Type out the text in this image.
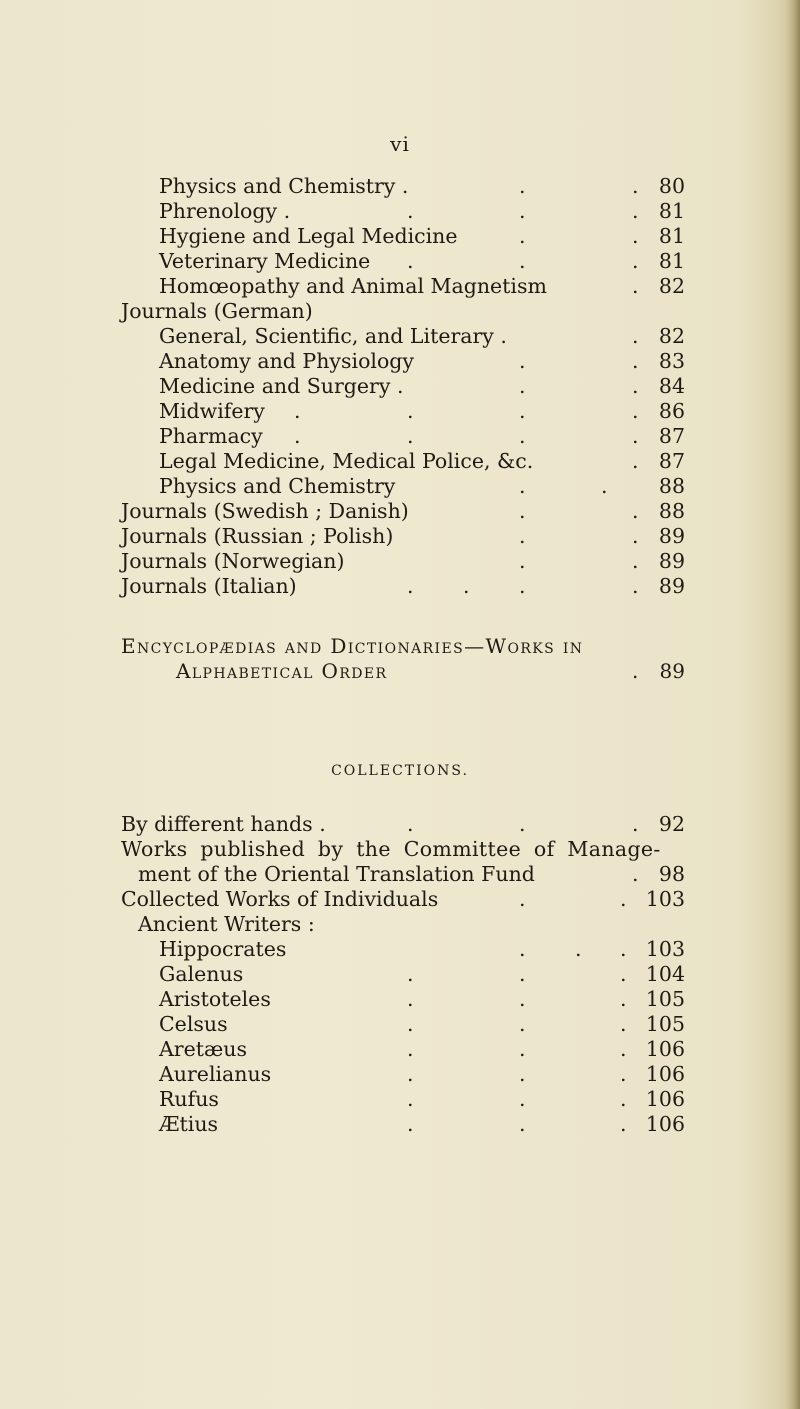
vi
Physics and Chemistry .	.	. 80
Phrenology .	.	.	. 81
Hygiene and Legal Medicine	.	. 81
Veterinary Medicine .	.	. 81
Homœopathy and Animal Magnetism	. 82
Journals (German)
General, Scientific, and Literary .	. 82
Anatomy and Physiology	.	. 83
Medicine and Surgery .	.	. 84
Midwifery .	.	.	. 86
Pharmacy .	.	.	. 87
Legal Medicine, Medical Police, &c.	. 87
Physics and Chemistry	.	.	88
Journals (Swedish ; Danish)	.	. 88
Journals (Russian ; Polish)	.	. 89
Journals (Norwegian)	.	. 89
Journals (Italian)	. . .	. 89
Encyclopædias and Dictionaries—Works in
Alphabetical Order	. 89
COLLECTIONS.
By different hands .	.	.	. 92
Works published by the Committee of Manage-
ment of the Oriental Translation Fund	. 98
Collected Works of Individuals	.	. 103
Ancient Writers :
Hippocrates	. . . 103
Galenus	.	.	. 104
Aristoteles	.	.	. 105
Celsus	.	.	. 105
Aretæus	.	.	. 106
Aurelianus	.	.	. 106
Rufus	.	.	. 106
Ætius	.	.	. 106
